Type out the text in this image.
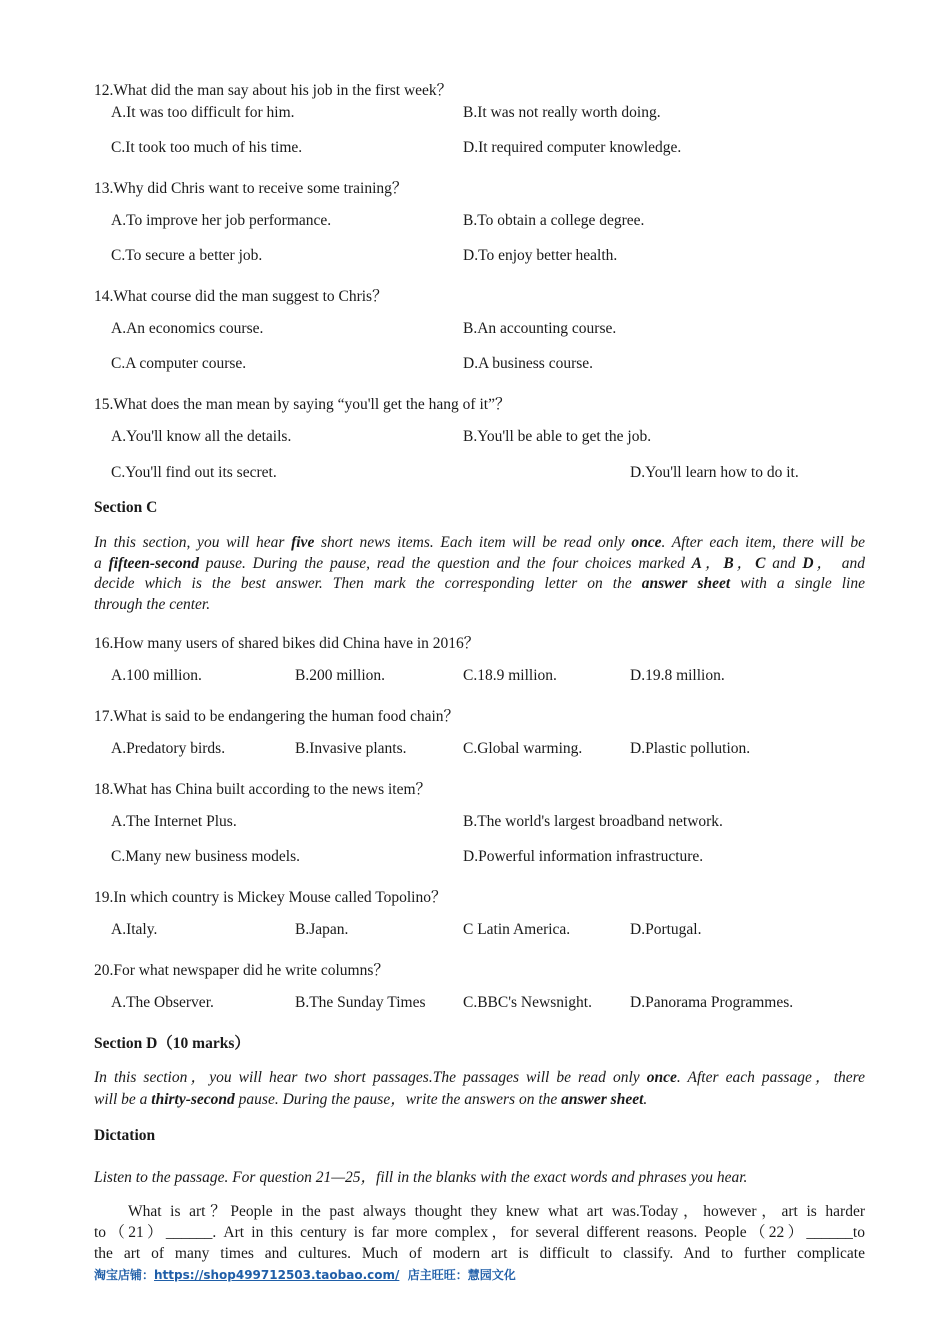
12.What did the man say about his job in the first week？
A.It was too difficult for him.	B.It was not really worth doing.
C.It took too much of his time.	D.It required computer knowledge.
13.Why did Chris want to receive some training？
A.To improve her job performance.	B.To obtain a college degree.
C.To secure a better job.	D.To enjoy better health.
14.What course did the man suggest to Chris？
A.An economics course.	B.An accounting course.
C.A computer course.	D.A business course.
15.What does the man mean by saying “you'll get the hang of it”？
A.You'll know all the details.	B.You'll be able to get the job.
C.You'll find out its secret.	D.You'll learn how to do it.
Section C
In this section, you will hear five short news items. Each item will be read only once. After each item, there will be
a fifteen-second pause. During the pause, read the question and the four choices marked A，B，C and D， and
decide which is the best answer. Then mark the corresponding letter on the answer sheet with a single line
through the center.
16.How many users of shared bikes did China have in 2016？
A.100 million.	B.200 million.	C.18.9 million.	D.19.8 million.
17.What is said to be endangering the human food chain？
A.Predatory birds.	B.Invasive plants.	C.Global warming.	D.Plastic pollution.
18.What has China built according to the news item？
A.The Internet Plus.	B.The world's largest broadband network.
C.Many new business models.	D.Powerful information infrastructure.
19.In which country is Mickey Mouse called Topolino？
A.Italy.	B.Japan.	C Latin America.	D.Portugal.
20.For what newspaper did he write columns？
A.The Observer.	B.The Sunday Times C.BBC's Newsnight. D.Panorama Programmes.
Section D（10 marks）
In this section，you will hear two short passages.The passages will be read only once. After each passage，there
will be a thirty-second pause. During the pause，write the answers on the answer sheet.
Dictation
Listen to the passage. For question 21—25，fill in the blanks with the exact words and phrases you hear.
What is art？People in the past always thought they knew what art was.Today，however，art is harder
to（21）______. Art in this century is far more complex，for several different reasons. People（22）______to
the art of many times and cultures. Much of modern art is difficult to classify. And to further complicate
淘宝店铺：https://shop499712503.taobao.com/  店主旺旺：慧园文化
